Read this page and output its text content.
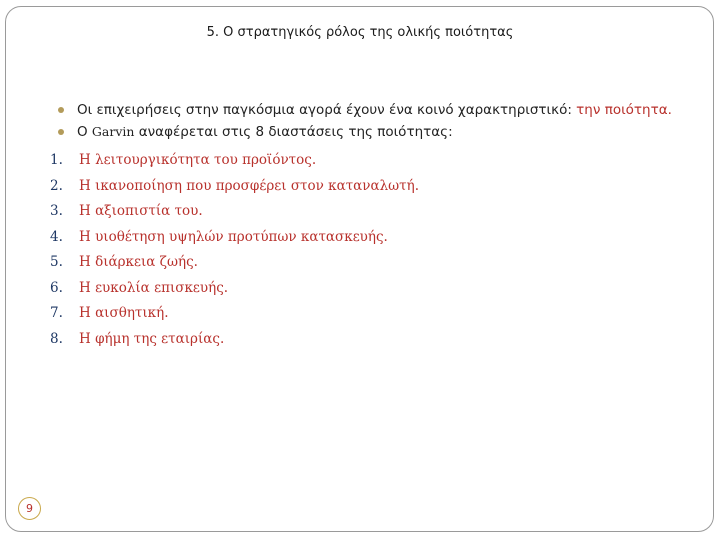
5. Ο στρατηγικός ρόλος της ολικής ποιότητας
Οι επιχειρήσεις στην παγκόσμια αγορά έχουν ένα κοινό χαρακτηριστικό: την ποιότητα.
Ο Garvin αναφέρεται στις 8 διαστάσεις της ποιότητας:
1. Η λειτουργικότητα του προϊόντος.
2. Η ικανοποίηση που προσφέρει στον καταναλωτή.
3. Η αξιοπιστία του.
4. Η υιοθέτηση υψηλών προτύπων κατασκευής.
5. Η διάρκεια ζωής.
6. Η ευκολία επισκευής.
7. Η αισθητική.
8. Η φήμη της εταιρίας.
9
